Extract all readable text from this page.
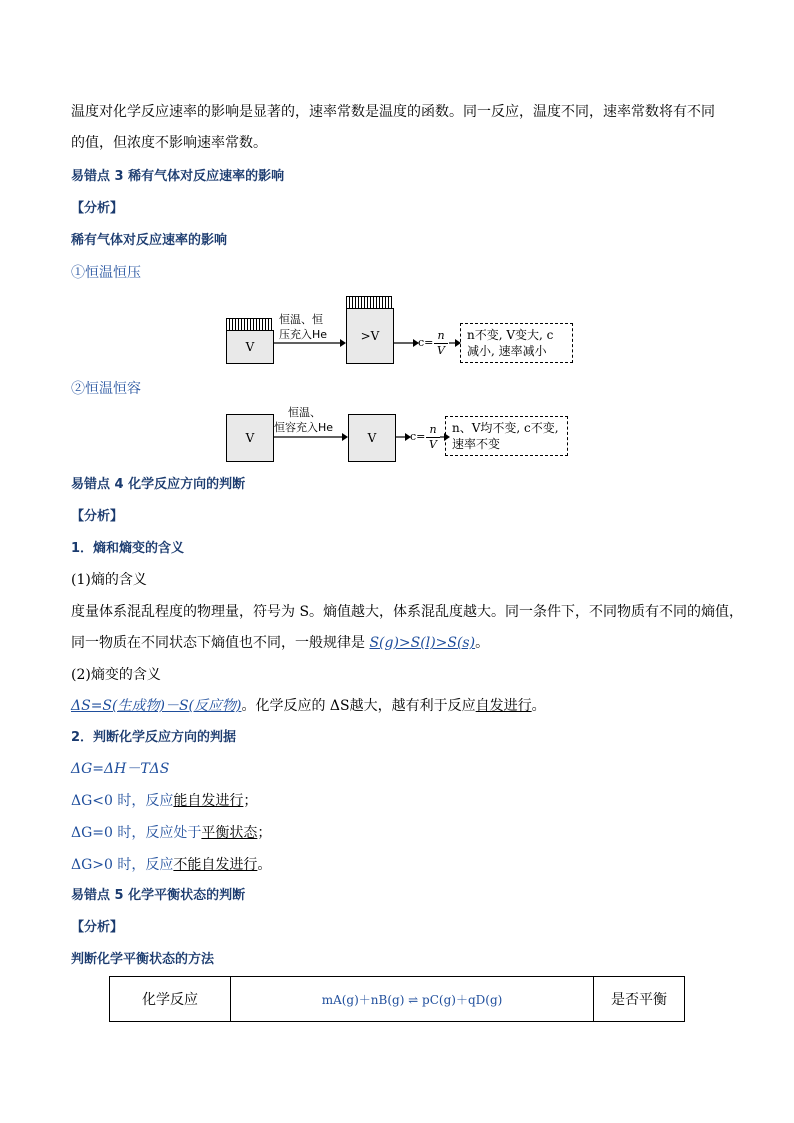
温度对化学反应速率的影响是显著的，速率常数是温度的函数。同一反应，温度不同，速率常数将有不同
的值，但浓度不影响速率常数。
易错点 3 稀有气体对反应速率的影响
【分析】
稀有气体对反应速率的影响
①恒温恒压
V
恒温、恒
压充入He	>V	c=
n
V
n不变, V变大, c
减小, 速率减小
②恒温恒容
V
恒温、
恒容充入He
V	c=
n
V
n、V均不变, c不变,
速率不变
易错点 4 化学反应方向的判断
【分析】
1．熵和熵变的含义
(1)熵的含义
度量体系混乱程度的物理量，符号为 S。熵值越大，体系混乱度越大。同一条件下，不同物质有不同的熵值，
同一物质在不同状态下熵值也不同，一般规律是 S(g)>S(l)>S(s)。
(2)熵变的含义
ΔS=S(生成物)－S(反应物)。化学反应的 ΔS越大，越有利于反应自发进行。
2．判断化学反应方向的判据
ΔG=ΔH－TΔS
ΔG<0 时，反应能自发进行；
ΔG=0 时，反应处于平衡状态；
ΔG>0 时，反应不能自发进行。
易错点 5 化学平衡状态的判断
【分析】
判断化学平衡状态的方法
化学反应	mA(g)＋nB(g) ⇌ pC(g)＋qD(g)	是否平衡
